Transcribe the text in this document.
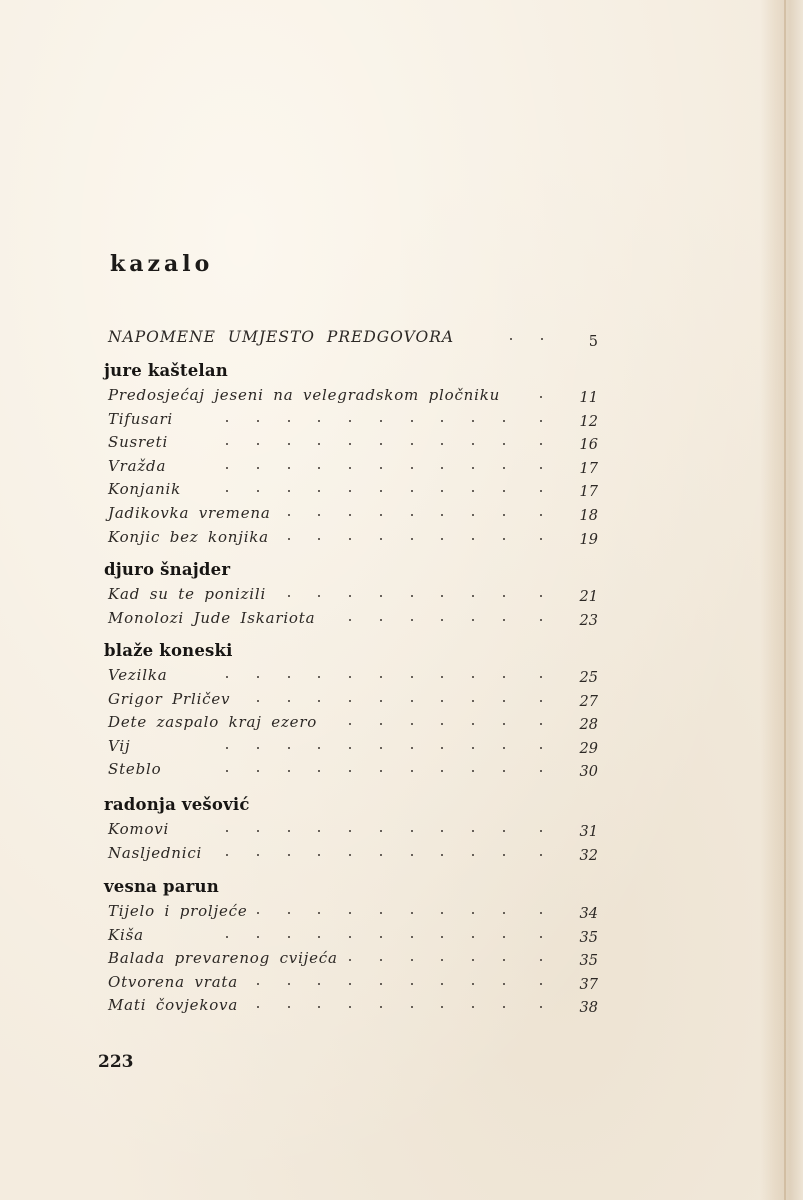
kazalo
NAPOMENE UMJESTO PREDGOVORA	5
jure kaštelan
Predosjećaj jeseni na velegradskom pločniku	11
Tifusari	12
Susreti	16
Vražda	17
Konjanik	17
Jadikovka vremena	18
Konjic bez konjika	19
djuro šnajder
Kad su te ponizili	21
Monolozi Jude Iskariota	23
blaže koneski
Vezilka	25
Grigor Prličev	27
Dete zaspalo kraj ezero	28
Vij	29
Steblo	30
radonja vešović
Komovi	31
Nasljednici	32
vesna parun
Tijelo i proljeće	34
Kiša	35
Balada prevarenog cvijeća	35
Otvorena vrata	37
Mati čovjekova	38
223
